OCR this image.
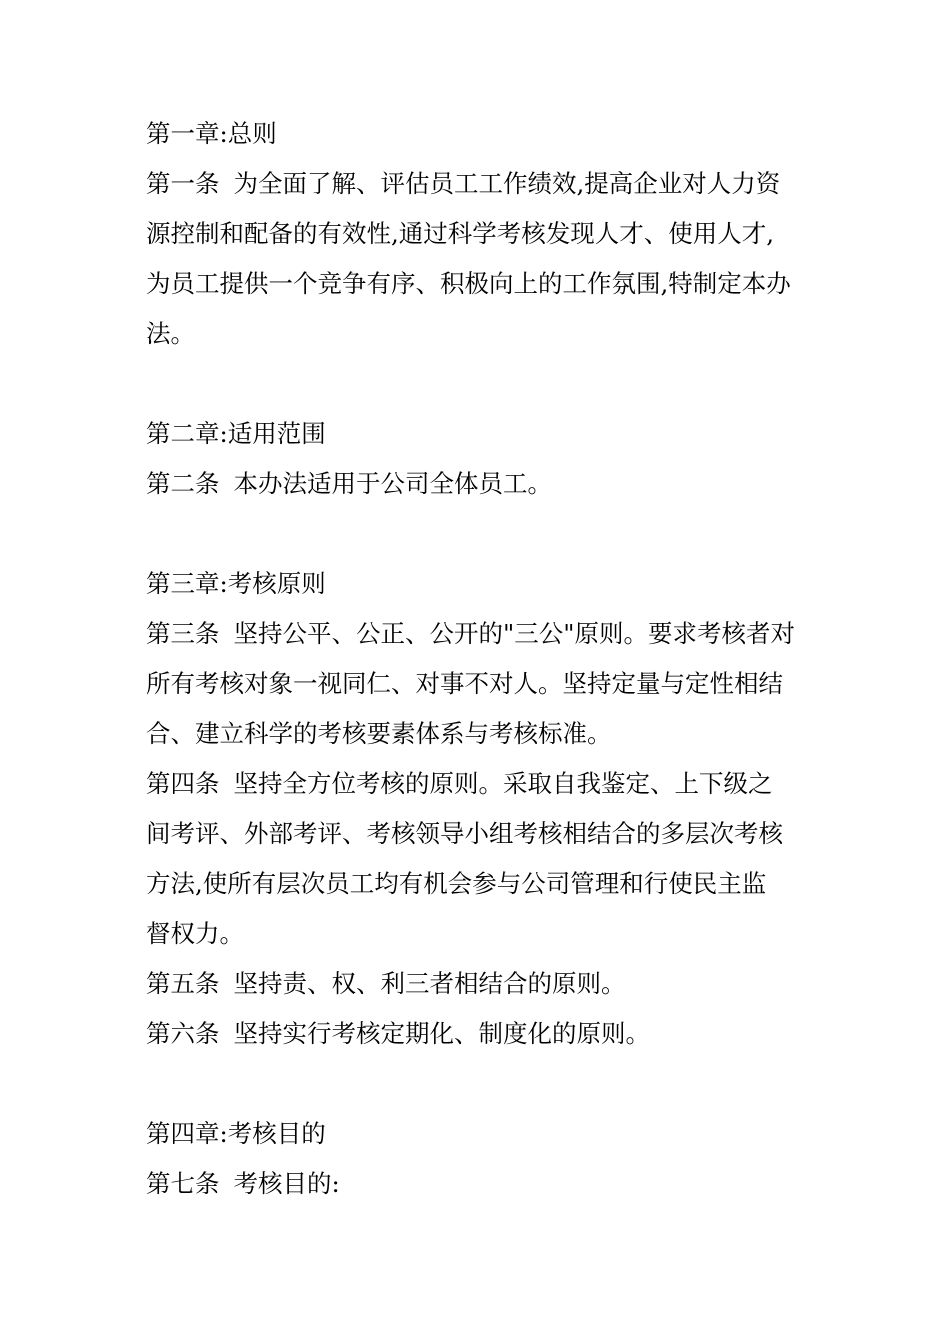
第一章:总则
第一条 为全面了解、评估员工工作绩效,提高企业对人力资
源控制和配备的有效性,通过科学考核发现人才、使用人才,
为员工提供一个竞争有序、积极向上的工作氛围,特制定本办
法。
第二章:适用范围
第二条 本办法适用于公司全体员工。
第三章:考核原则
第三条 坚持公平、公正、公开的"三公"原则。要求考核者对
所有考核对象一视同仁、对事不对人。坚持定量与定性相结
合、建立科学的考核要素体系与考核标准。
第四条 坚持全方位考核的原则。采取自我鉴定、上下级之
间考评、外部考评、考核领导小组考核相结合的多层次考核
方法,使所有层次员工均有机会参与公司管理和行使民主监
督权力。
第五条 坚持责、权、利三者相结合的原则。
第六条 坚持实行考核定期化、制度化的原则。
第四章:考核目的
第七条 考核目的:
